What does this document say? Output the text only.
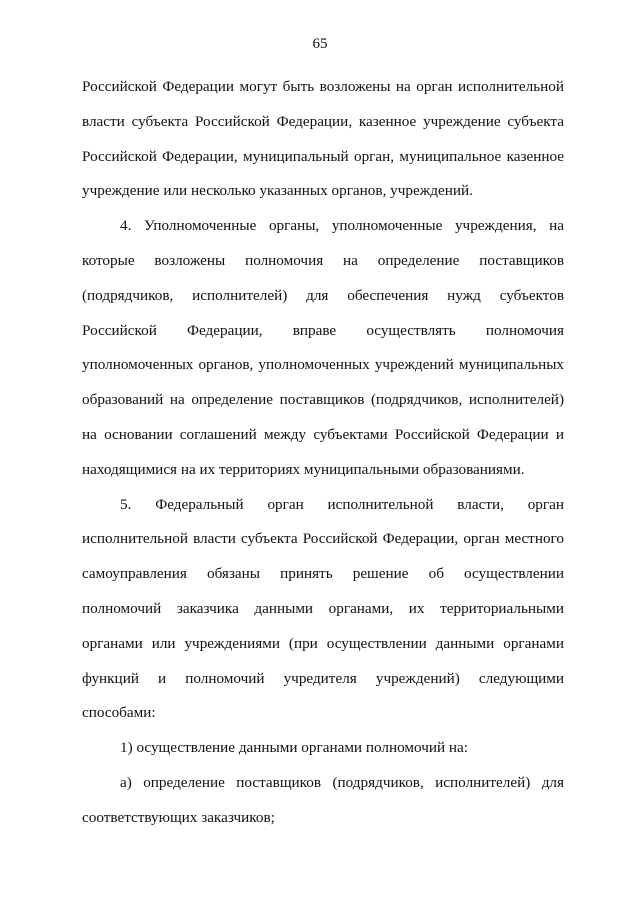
65

Российской Федерации могут быть возложены на орган исполнительной власти субъекта Российской Федерации, казенное учреждение субъекта Российской Федерации, муниципальный орган, муниципальное казенное учреждение или несколько указанных органов, учреждений.

4. Уполномоченные органы, уполномоченные учреждения, на которые возложены полномочия на определение поставщиков (подрядчиков, исполнителей) для обеспечения нужд субъектов Российской Федерации, вправе осуществлять полномочия уполномоченных органов, уполномоченных учреждений муниципальных образований на определение поставщиков (подрядчиков, исполнителей) на основании соглашений между субъектами Российской Федерации и находящимися на их территориях муниципальными образованиями.

5. Федеральный орган исполнительной власти, орган исполнительной власти субъекта Российской Федерации, орган местного самоуправления обязаны принять решение об осуществлении полномочий заказчика данными органами, их территориальными органами или учреждениями (при осуществлении данными органами функций и полномочий учредителя учреждений) следующими способами:

1) осуществление данными органами полномочий на:

а) определение поставщиков (подрядчиков, исполнителей) для соответствующих заказчиков;
